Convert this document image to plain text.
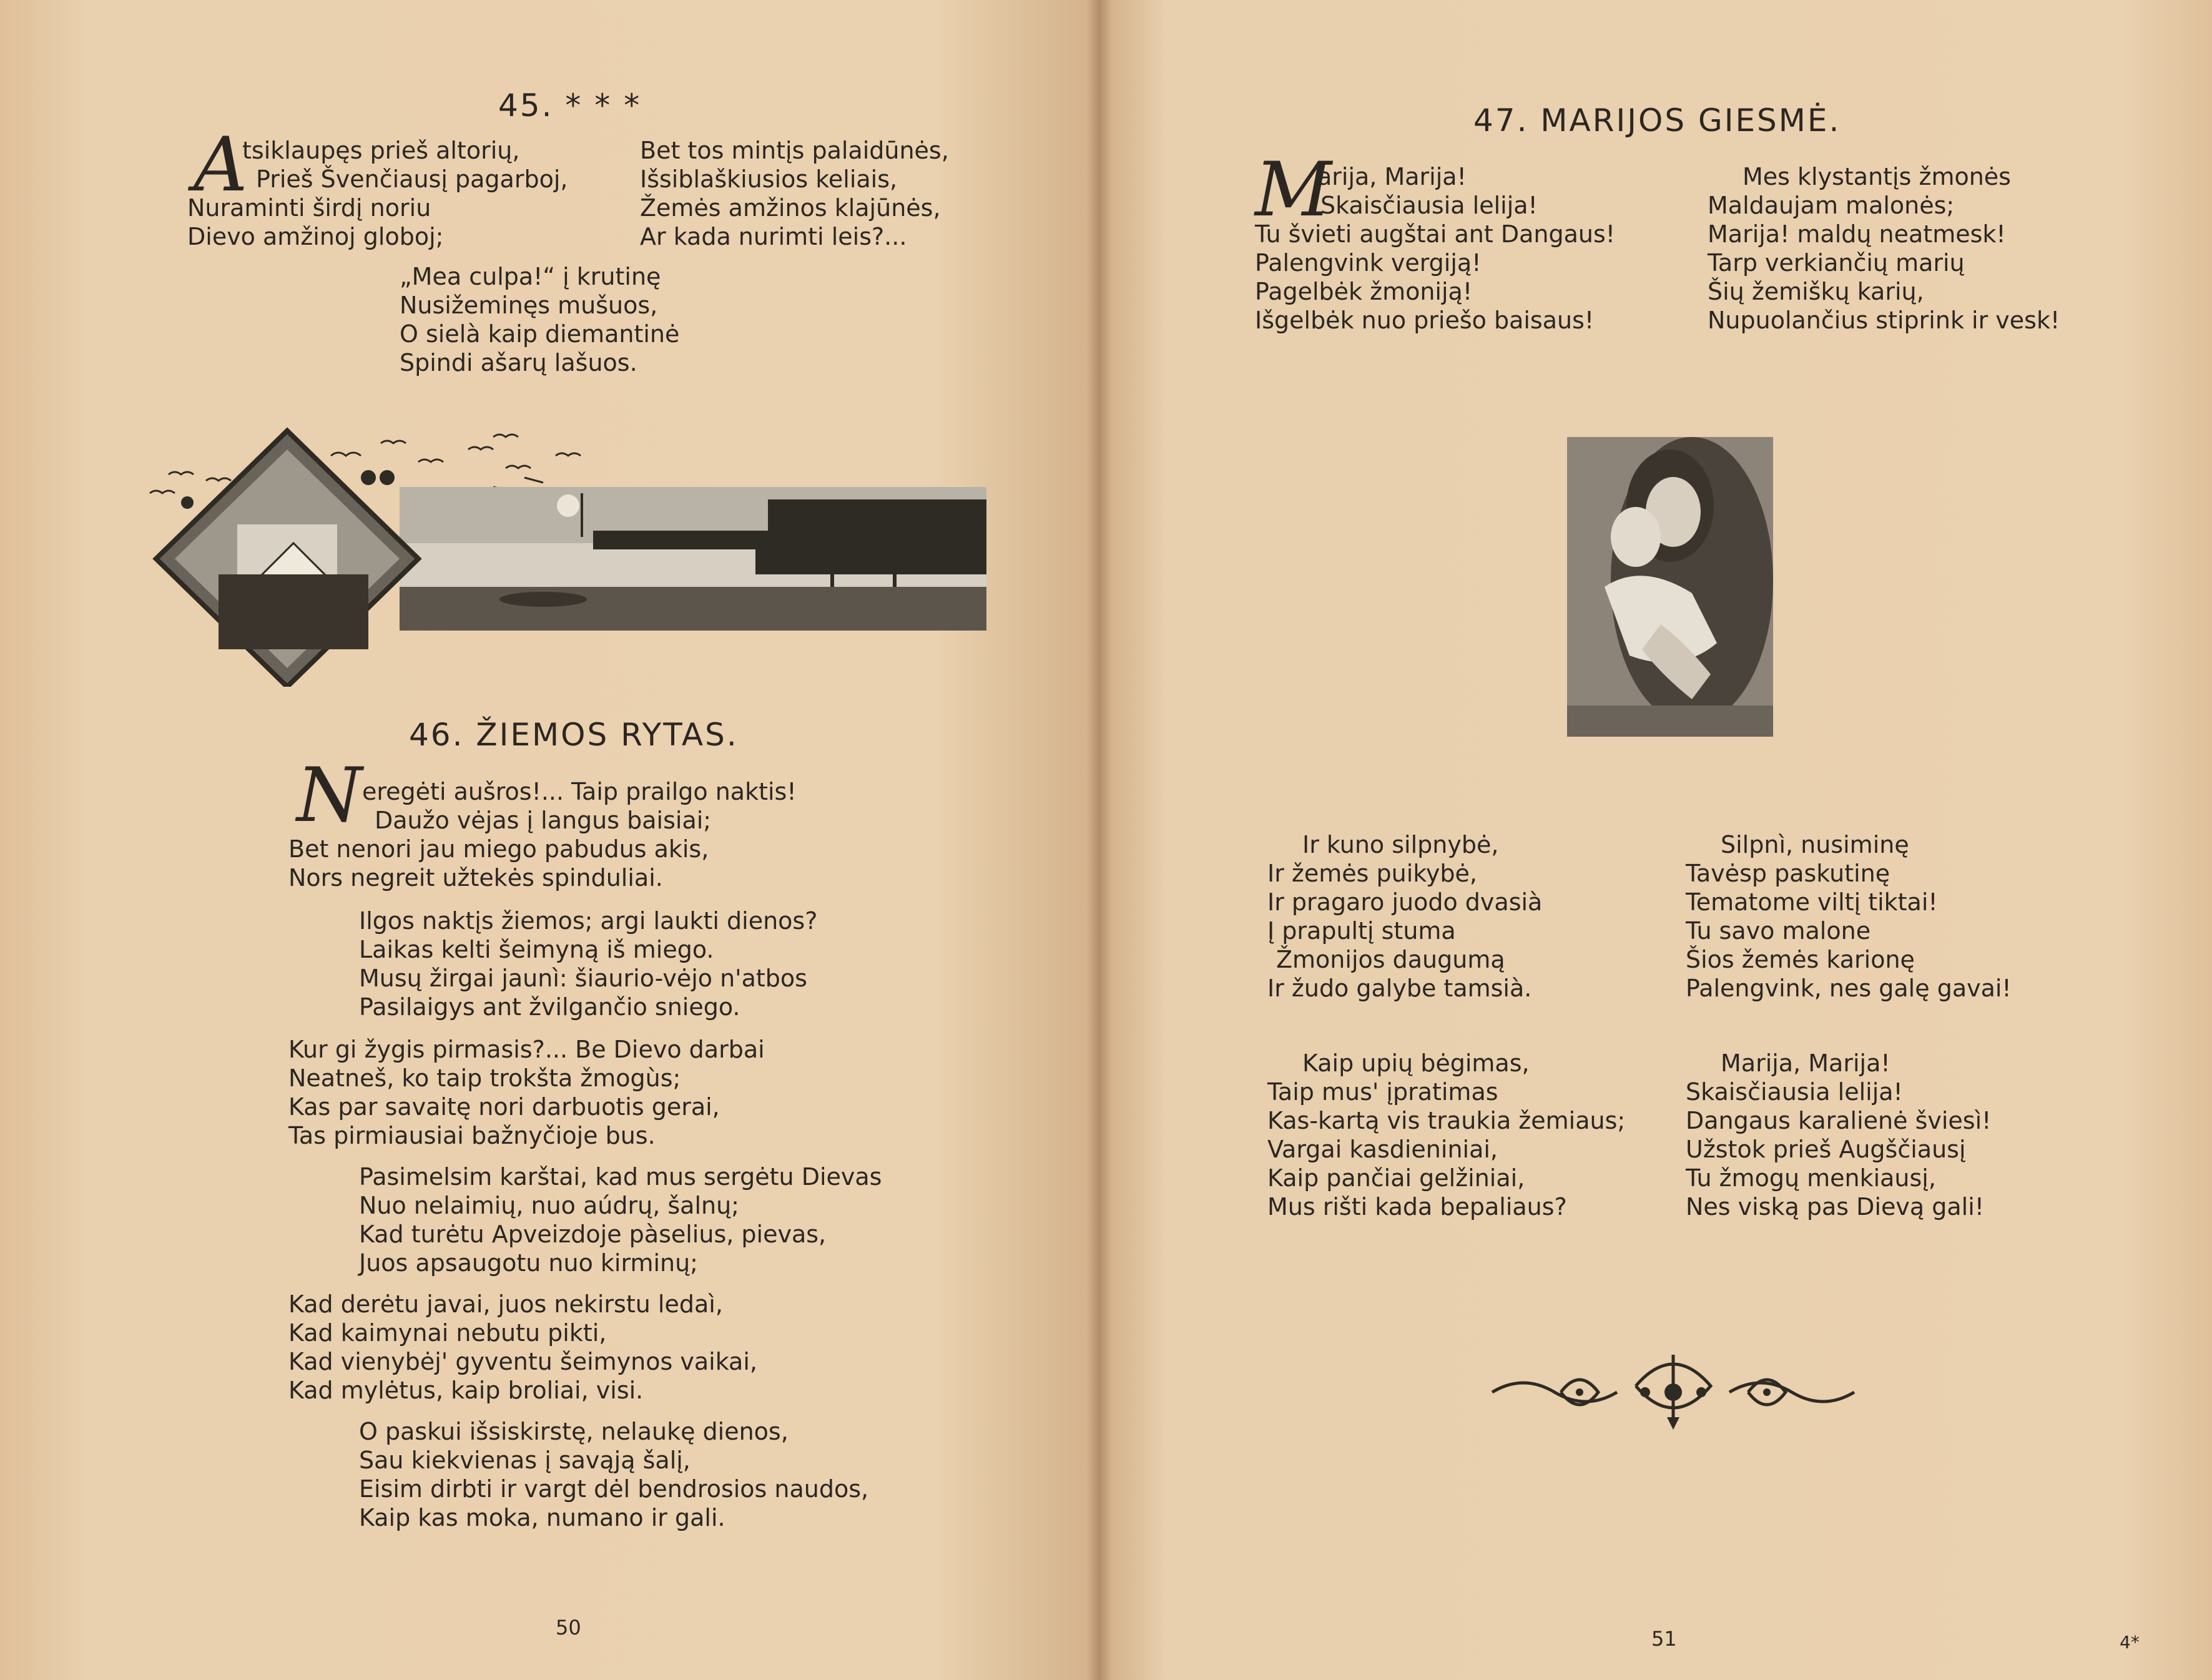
45. * * *
A
tsiklaupęs prieš altorių,
Prieš Švenčiausį pagarboj,
Nuraminti širdį noriu
Dievo amžinoj globoj;
Bet tos mintįs palaidūnės,
Išsiblaškiusios keliais,
Žemės amžinos klajūnės,
Ar kada nurimti leis?...
„Mea culpa!“ į krutinę
Nusižeminęs mušuos,
O sielà kaip diemantinė
Spindi ašarų lašuos.
46. ŽIEMOS RYTAS.
N eregėti aušros!... Taip prailgo naktis!
Daužo vėjas į langus baisiai;
Bet nenori jau miego pabudus akis,
Nors negreit užtekės spinduliai.
Ilgos naktįs žiemos; argi laukti dienos?
Laikas kelti šeimyną iš miego.
Musų žirgai jaunì: šiaurio-vėjo n'atbos
Pasilaigys ant žvilgančio sniego.
Kur gi žygis pirmasis?... Be Dievo darbai
Neatneš, ko taip trokšta žmogùs;
Kas par savaitę nori darbuotis gerai,
Tas pirmiausiai bažnyčioje bus.
Pasimelsim karštai, kad mus sergėtu Dievas
Nuo nelaimių, nuo aúdrų, šalnų;
Kad turėtu Apveizdoje pàselius, pievas,
Juos apsaugotu nuo kirminų;
Kad derėtu javai, juos nekirstu ledaì,
Kad kaimynai nebutu pikti,
Kad vienybėj' gyventu šeimynos vaikai,
Kad mylėtus, kaip broliai, visi.
O paskui išsiskirstę, nelaukę dienos,
Sau kiekvienas į savąją šalį,
Eisim dirbti ir vargt dėl bendrosios naudos,
Kaip kas moka, numano ir gali.
50
47. MARIJOS GIESMĖ.
M
arija, Marija!
Skaisčiausia lelija!
Tu švieti augštai ant Dangaus!
Palengvink vergiją!
Pagelbėk žmoniją!
Išgelbėk nuo priešo baisaus!
Mes klystantįs žmonės
Maldaujam malonės;
Marija! maldų neatmesk!
Tarp verkiančių marių
Šių žemiškų karių,
Nupuolančius stiprink ir vesk!
Ir kuno silpnybė,
Ir žemės puikybė,
Ir pragaro juodo dvasià
Į prapultį stuma
Žmonijos daugumą
Ir žudo galybe tamsià.
Silpnì, nusiminę
Tavėsp paskutinę
Tematome viltį tiktai!
Tu savo malone
Šios žemės karionę
Palengvink, nes galę gavai!
Kaip upių bėgimas,
Taip mus' įpratimas
Kas-kartą vis traukia žemiaus;
Vargai kasdieniniai,
Kaip pančiai gelžiniai,
Mus rišti kada bepaliaus?
Marija, Marija!
Skaisčiausia lelija!
Dangaus karalienė šviesì!
Užstok prieš Augščiausį
Tu žmogų menkiausį,
Nes viską pas Dievą gali!
51	4*
